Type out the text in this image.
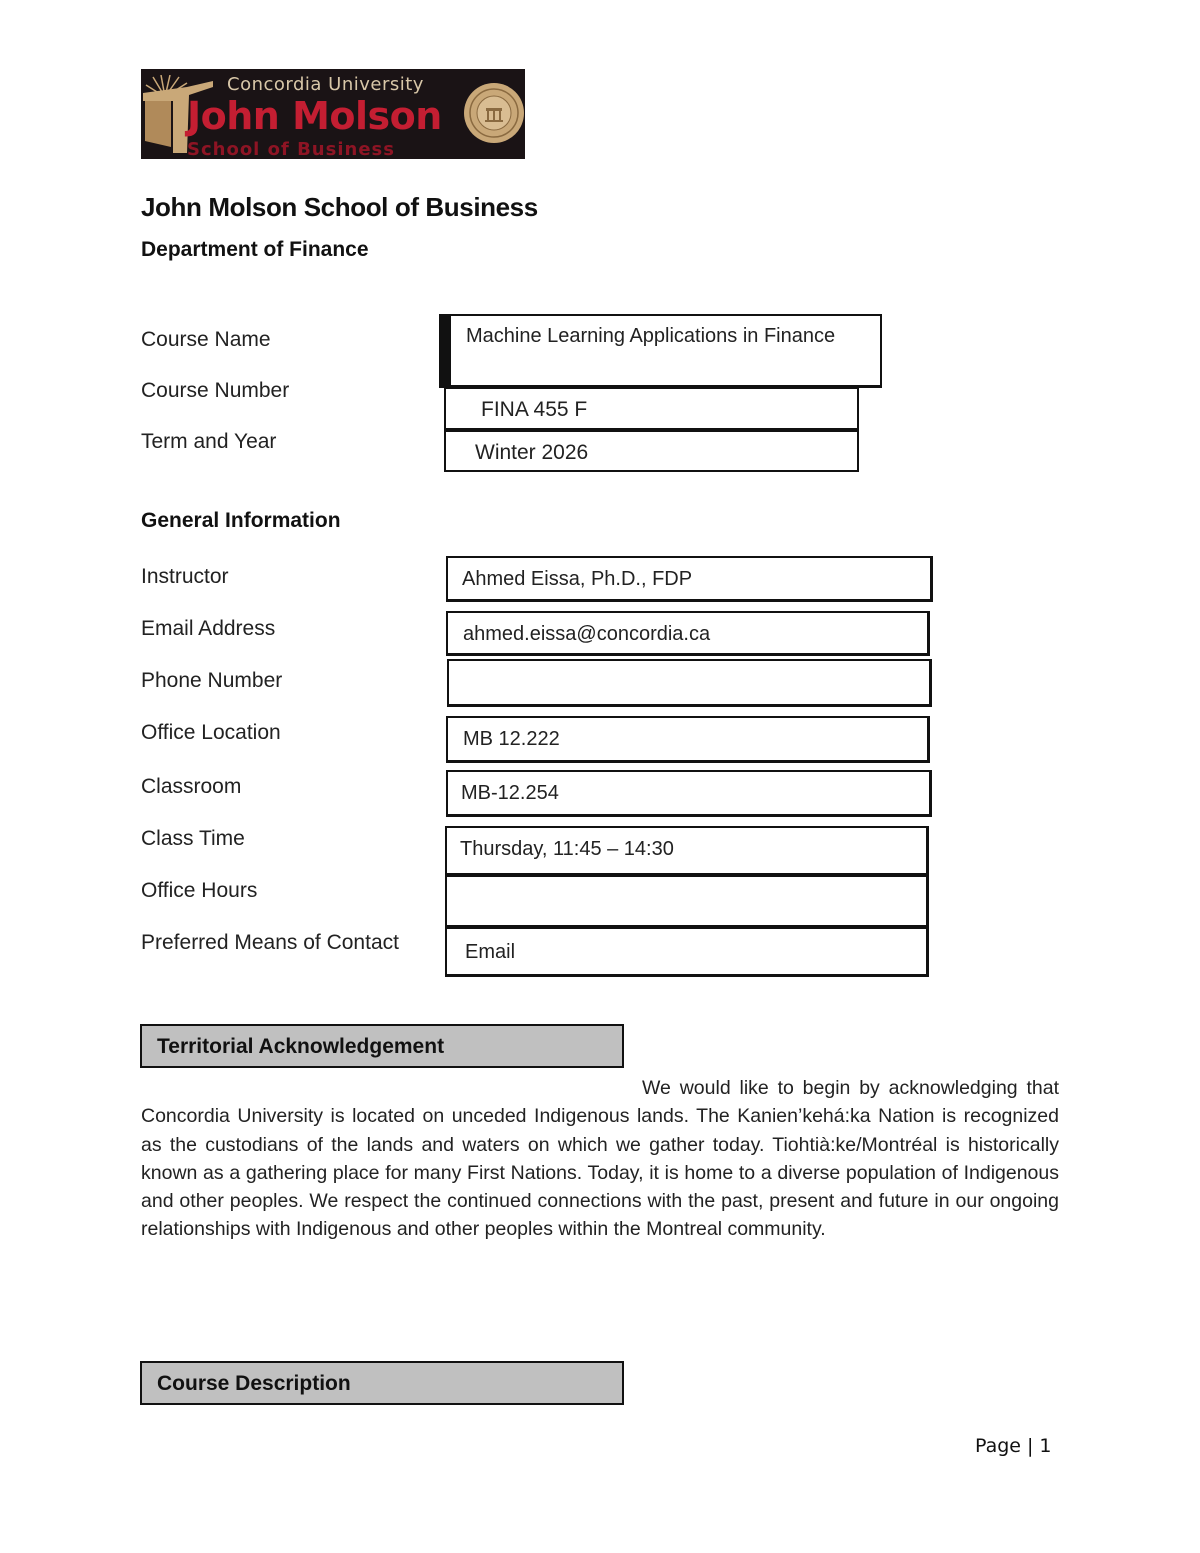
Concordia University
John Molson
School of Business
John Molson School of Business
Department of Finance
Course Name
Course Number
Term and Year
Machine Learning Applications in Finance
FINA 455 F
Winter 2026
General Information
Instructor
Email Address
Phone Number
Office Location
Classroom
Class Time
Office Hours
Preferred Means of Contact
Ahmed Eissa, Ph.D., FDP
ahmed.eissa@concordia.ca
MB 12.222
MB-12.254
Thursday, 11:45 – 14:30
Email
Territorial Acknowledgement

We would like to begin by acknowledging that Concordia University is located on unceded Indigenous lands. The Kanien’kehá:ka Nation is recognized as the custodians of the lands and waters on which we gather today. Tiohtià:ke/Montréal is historically known as a gathering place for many First Nations. Today, it is home to a diverse population of Indigenous and other peoples. We respect the continued connections with the past, present and future in our ongoing relationships with Indigenous and other peoples within the Montreal community.

Course Description
Page | 1
